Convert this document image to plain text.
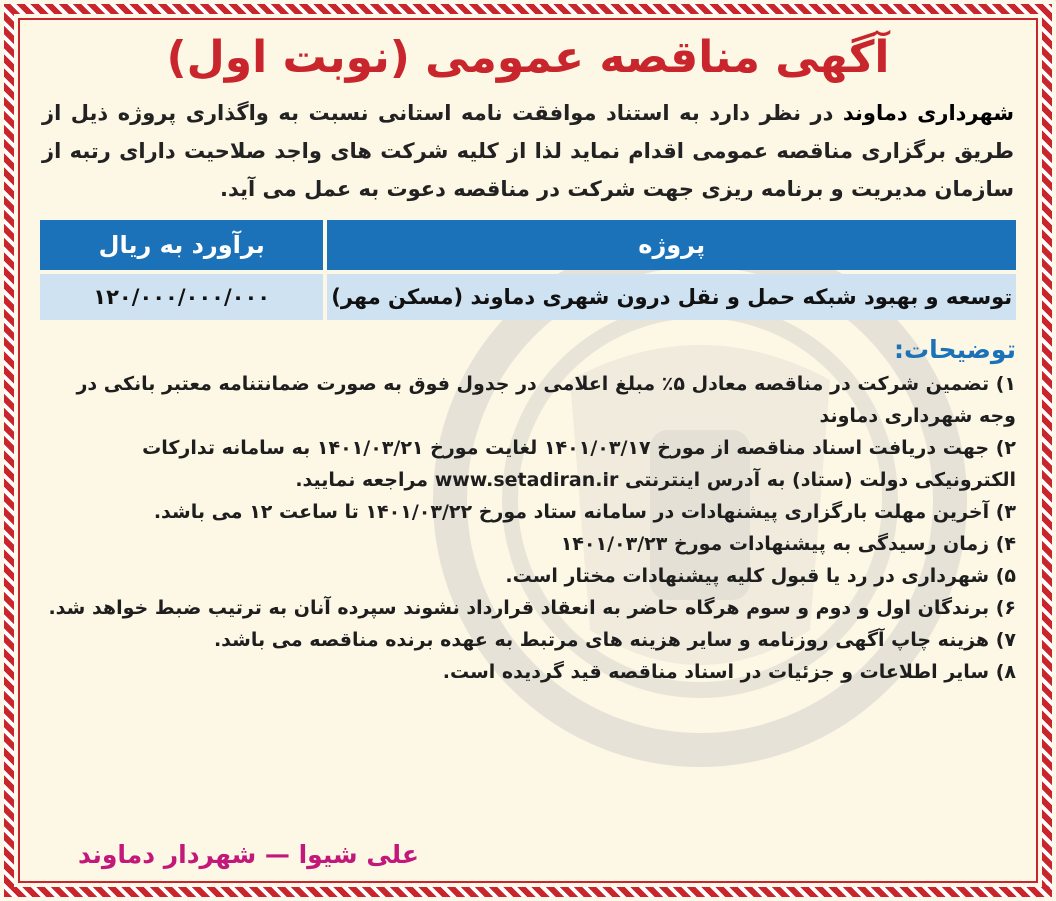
آگهی مناقصه عمومی (نوبت اول)

شهرداری دماوند در نظر دارد به استناد موافقت نامه استانی نسبت به واگذاری پروژه ذیل از طریق برگزاری مناقصه عمومی اقدام نماید لذا از کلیه شرکت های واجد صلاحیت دارای رتبه از سازمان مدیریت و برنامه ریزی جهت شرکت در مناقصه دعوت به عمل می آید.

پروژه	برآورد به ریال
توسعه و بهبود شبکه حمل و نقل درون شهری دماوند (مسکن مهر)	۱۲۰/۰۰۰/۰۰۰/۰۰۰
توضیحات:
۱) تضمین شرکت در مناقصه معادل ۵٪ مبلغ اعلامی در جدول فوق به صورت ضمانتنامه معتبر بانکی در وجه شهرداری دماوند
۲) جهت دریافت اسناد مناقصه از مورخ ۱۴۰۱/۰۳/۱۷ لغایت مورخ ۱۴۰۱/۰۳/۲۱ به سامانه تدارکات الکترونیکی دولت (ستاد) به آدرس اینترنتی www.setadiran.ir مراجعه نمایید.
۳) آخرین مهلت بارگزاری پیشنهادات در سامانه ستاد مورخ ۱۴۰۱/۰۳/۲۲ تا ساعت ۱۲ می باشد.
۴) زمان رسیدگی به پیشنهادات مورخ ۱۴۰۱/۰۳/۲۳
۵) شهرداری در رد یا قبول کلیه پیشنهادات مختار است.
۶) برندگان اول و دوم و سوم هرگاه حاضر به انعقاد قرارداد نشوند سپرده آنان به ترتیب ضبط خواهد شد.
۷) هزینه چاپ آگهی روزنامه و سایر هزینه های مرتبط به عهده برنده مناقصه می باشد.
۸) سایر اطلاعات و جزئیات در اسناد مناقصه قید گردیده است.
علی شیوا — شهردار دماوند
